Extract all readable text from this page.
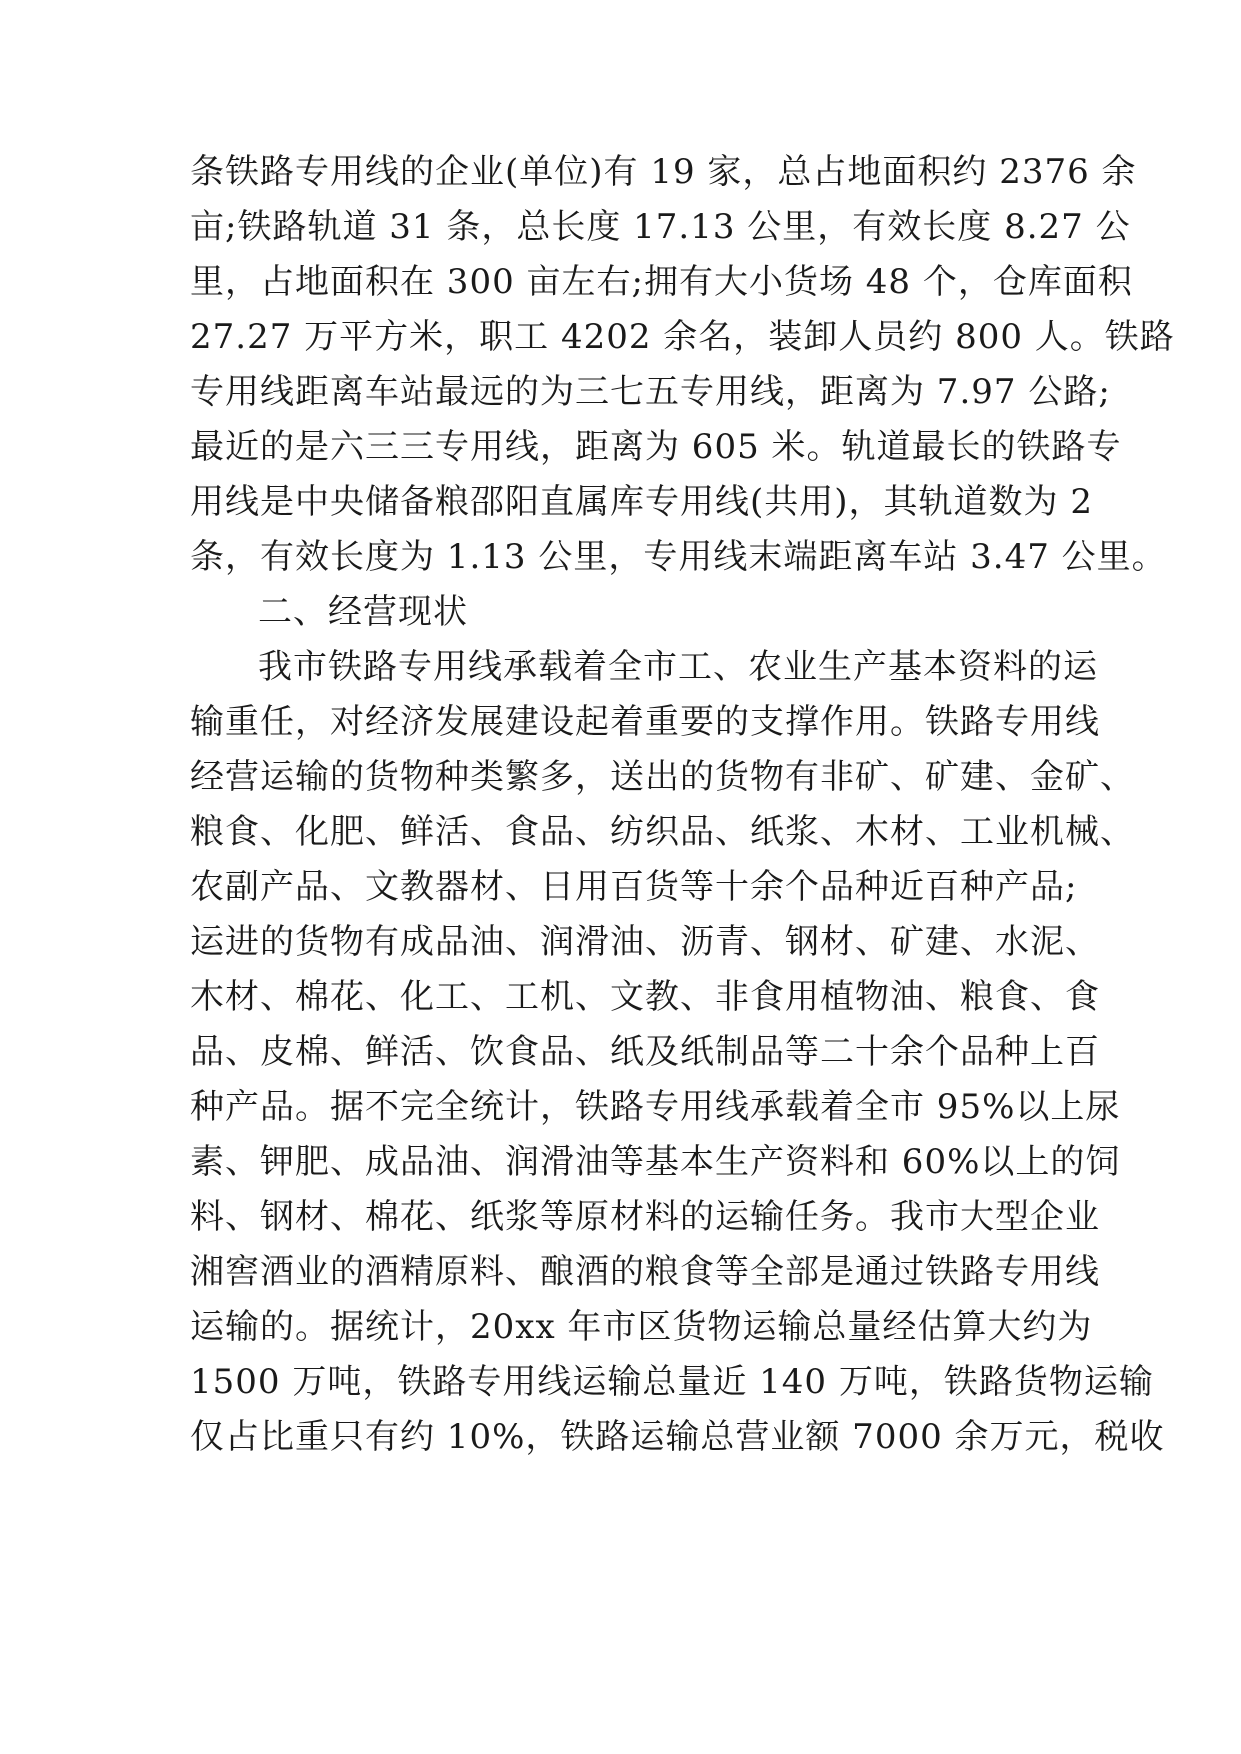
条铁路专用线的企业(单位)有 19 家，总占地面积约 2376 余
亩;铁路轨道 31 条，总长度 17.13 公里，有效长度 8.27 公
里，占地面积在 300 亩左右;拥有大小货场 48 个，仓库面积
27.27 万平方米，职工 4202 余名，装卸人员约 800 人。铁路
专用线距离车站最远的为三七五专用线，距离为 7.97 公路;
最近的是六三三专用线，距离为 605 米。轨道最长的铁路专
用线是中央储备粮邵阳直属库专用线(共用)，其轨道数为 2
条，有效长度为 1.13 公里，专用线末端距离车站 3.47 公里。
二、经营现状
我市铁路专用线承载着全市工、农业生产基本资料的运
输重任，对经济发展建设起着重要的支撑作用。铁路专用线
经营运输的货物种类繁多，送出的货物有非矿、矿建、金矿、
粮食、化肥、鲜活、食品、纺织品、纸浆、木材、工业机械、
农副产品、文教器材、日用百货等十余个品种近百种产品;
运进的货物有成品油、润滑油、沥青、钢材、矿建、水泥、
木材、棉花、化工、工机、文教、非食用植物油、粮食、食
品、皮棉、鲜活、饮食品、纸及纸制品等二十余个品种上百
种产品。据不完全统计，铁路专用线承载着全市 95%以上尿
素、钾肥、成品油、润滑油等基本生产资料和 60%以上的饲
料、钢材、棉花、纸浆等原材料的运输任务。我市大型企业
湘窖酒业的酒精原料、酿酒的粮食等全部是通过铁路专用线
运输的。据统计，20xx 年市区货物运输总量经估算大约为
1500 万吨，铁路专用线运输总量近 140 万吨，铁路货物运输
仅占比重只有约 10%，铁路运输总营业额 7000 余万元，税收
